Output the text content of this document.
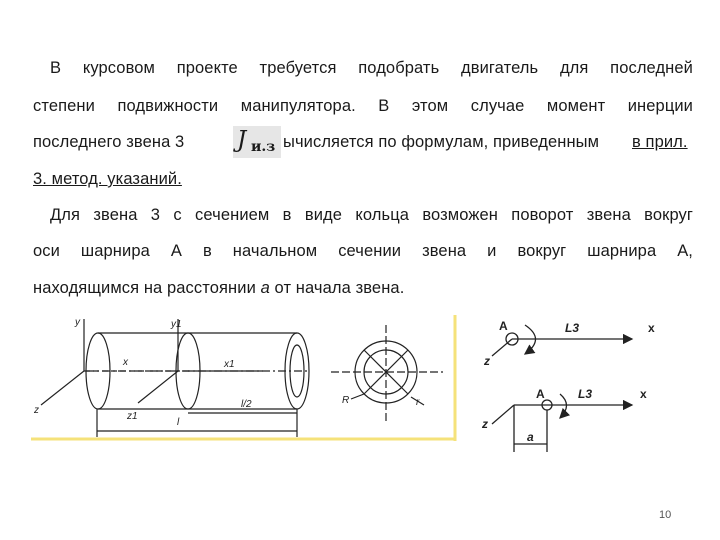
В курсовом проекте требуется подобрать двигатель для последней
степени подвижности манипулятора. В этом случае момент инерции
последнего звена 3	ычисляется по формулам, приведенным в прил.
3. метод. указаний.
J и.з
Для звена 3 с сечением в виде кольца возможен поворот звена вокруг
оси шарнира А в начальном сечении звена и вокруг шарнира А,
находящимся на расстоянии a от начала звена.
y	y1
x	x1
z
z1
l
l/2	R	r
A	L3	x
z
A	L3	x
z
a
10
